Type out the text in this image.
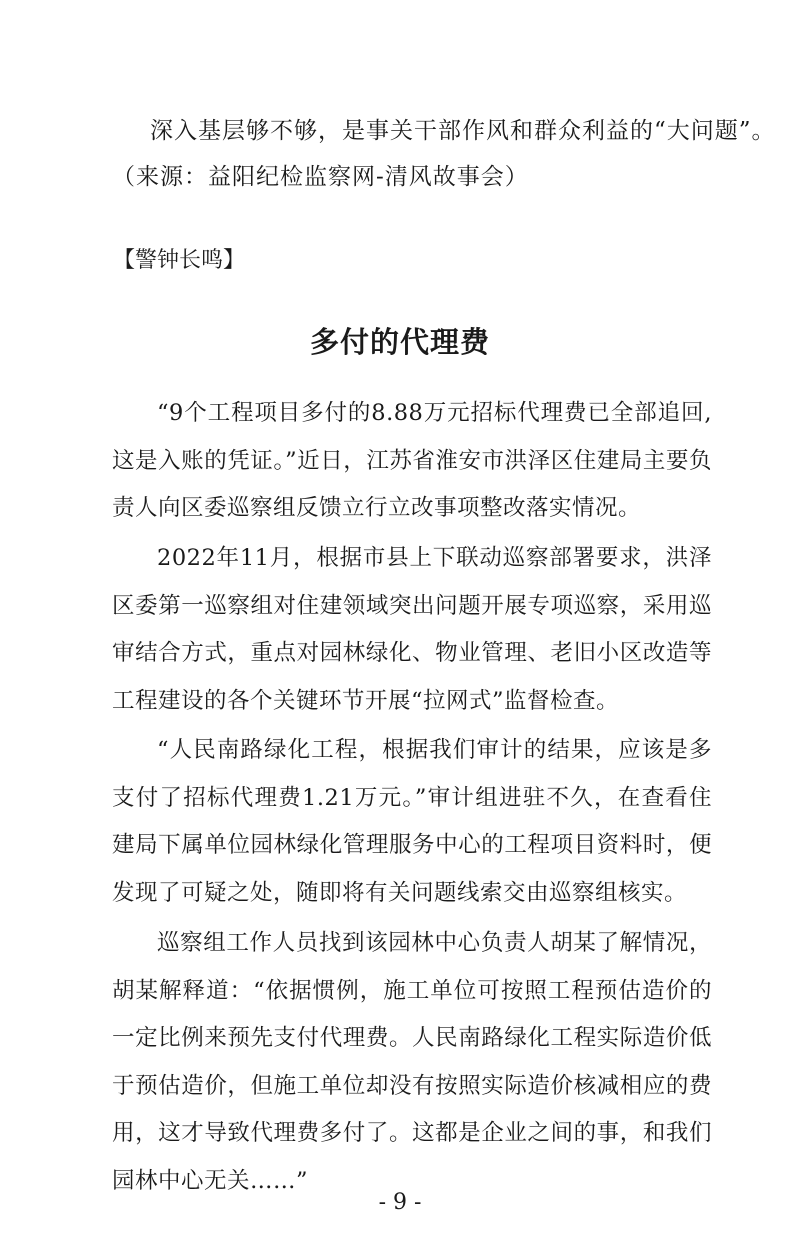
深入基层够不够，是事关干部作风和群众利益的“大问题”。
（来源：益阳纪检监察网-清风故事会）
【警钟长鸣】
多付的代理费
“9个工程项目多付的8.88万元招标代理费已全部追回,这是入账的凭证。”近日，江苏省淮安市洪泽区住建局主要负责人向区委巡察组反馈立行立改事项整改落实情况。
2022年11月，根据市县上下联动巡察部署要求，洪泽区委第一巡察组对住建领域突出问题开展专项巡察，采用巡审结合方式，重点对园林绿化、物业管理、老旧小区改造等工程建设的各个关键环节开展“拉网式”监督检查。
“人民南路绿化工程，根据我们审计的结果，应该是多支付了招标代理费1.21万元。”审计组进驻不久，在查看住建局下属单位园林绿化管理服务中心的工程项目资料时，便发现了可疑之处，随即将有关问题线索交由巡察组核实。
巡察组工作人员找到该园林中心负责人胡某了解情况，胡某解释道：“依据惯例，施工单位可按照工程预估造价的一定比例来预先支付代理费。人民南路绿化工程实际造价低于预估造价，但施工单位却没有按照实际造价核减相应的费用，这才导致代理费多付了。这都是企业之间的事，和我们园林中心无关……”
- 9 -
